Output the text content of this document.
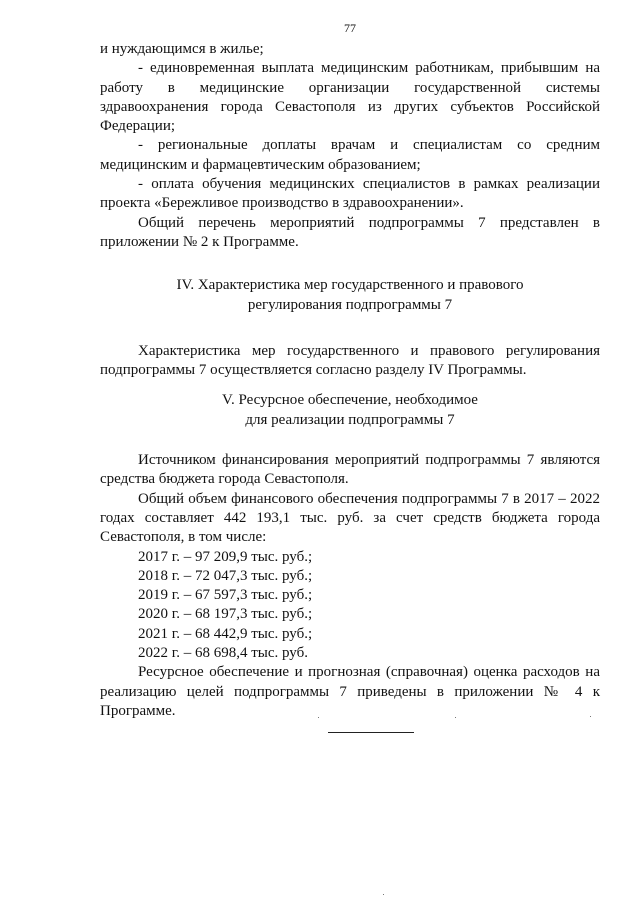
77

и нуждающимся в жилье;

- единовременная выплата медицинским работникам, прибывшим на работу в медицинские организации государственной системы здравоохранения города Севастополя из других субъектов Российской Федерации;

- региональные доплаты врачам и специалистам со средним медицинским и фармацевтическим образованием;

- оплата обучения медицинских специалистов в рамках реализации проекта «Бережливое производство в здравоохранении».

Общий перечень мероприятий подпрограммы 7 представлен в приложении № 2 к Программе.

IV. Характеристика мер государственного и правового
регулирования подпрограммы 7

Характеристика мер государственного и правового регулирования подпрограммы 7 осуществляется согласно разделу IV Программы.

V. Ресурсное обеспечение, необходимое
для реализации подпрограммы 7

Источником финансирования мероприятий подпрограммы 7 являются средства бюджета города Севастополя.

Общий объем финансового обеспечения подпрограммы 7 в 2017 – 2022 годах составляет 442 193,1 тыс. руб. за счет средств бюджета города Севастополя, в том числе:

2017 г. – 97 209,9 тыс. руб.;

2018 г. – 72 047,3 тыс. руб.;

2019 г. – 67 597,3 тыс. руб.;

2020 г. – 68 197,3 тыс. руб.;

2021 г. – 68 442,9 тыс. руб.;

2022 г. – 68 698,4 тыс. руб.

Ресурсное обеспечение и прогнозная (справочная) оценка расходов на реализацию целей подпрограммы 7 приведены в приложении № 4 к Программе.
